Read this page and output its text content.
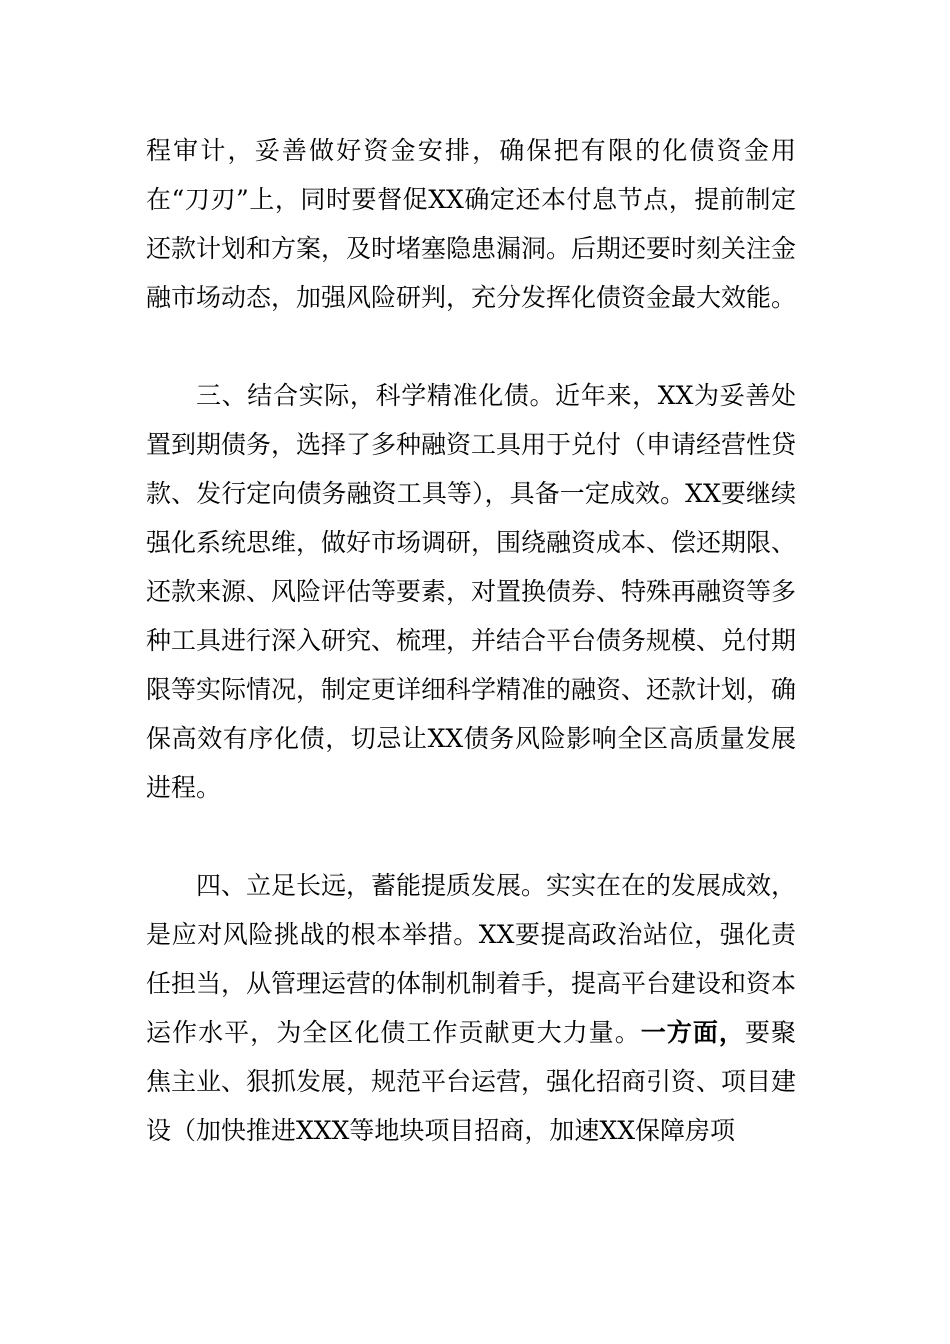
程审计，妥善做好资金安排，确保把有限的化债资金用在“刀刃”上，同时要督促XX确定还本付息节点，提前制定还款计划和方案，及时堵塞隐患漏洞。后期还要时刻关注金融市场动态，加强风险研判，充分发挥化债资金最大效能。

三、结合实际，科学精准化债。近年来，XX为妥善处置到期债务，选择了多种融资工具用于兑付（申请经营性贷款、发行定向债务融资工具等），具备一定成效。XX要继续强化系统思维，做好市场调研，围绕融资成本、偿还期限、还款来源、风险评估等要素，对置换债券、特殊再融资等多种工具进行深入研究、梳理，并结合平台债务规模、兑付期限等实际情况，制定更详细科学精准的融资、还款计划，确保高效有序化债，切忌让XX债务风险影响全区高质量发展进程。

四、立足长远，蓄能提质发展。实实在在的发展成效，是应对风险挑战的根本举措。XX要提高政治站位，强化责任担当，从管理运营的体制机制着手，提高平台建设和资本运作水平，为全区化债工作贡献更大力量。一方面，要聚焦主业、狠抓发展，规范平台运营，强化招商引资、项目建设（加快推进XXX等地块项目招商，加速XX保障房项
